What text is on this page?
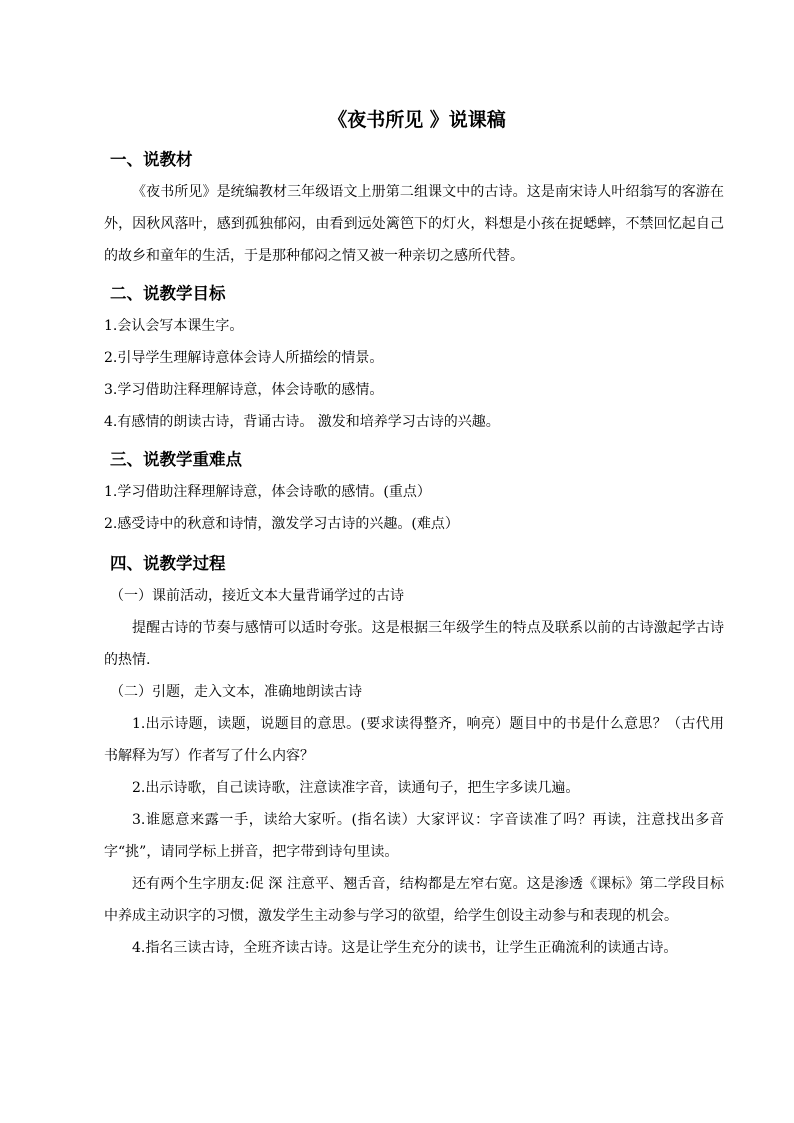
《夜书所见 》说课稿
一、说教材

《夜书所见》是统编教材三年级语文上册第二组课文中的古诗。这是南宋诗人叶绍翁写的客游在外，因秋风落叶，感到孤独郁闷，由看到远处篱笆下的灯火，料想是小孩在捉蟋蟀，不禁回忆起自己的故乡和童年的生活，于是那种郁闷之情又被一种亲切之感所代替。

二、说教学目标

1.会认会写本课生字。

2.引导学生理解诗意体会诗人所描绘的情景。

3.学习借助注释理解诗意，体会诗歌的感情。

4.有感情的朗读古诗，背诵古诗。 激发和培养学习古诗的兴趣。

三、说教学重难点

1.学习借助注释理解诗意，体会诗歌的感情。(重点）

2.感受诗中的秋意和诗情，激发学习古诗的兴趣。(难点）

四、说教学过程

（一）课前活动，接近文本大量背诵学过的古诗

提醒古诗的节奏与感情可以适时夸张。这是根据三年级学生的特点及联系以前的古诗激起学古诗的热情.

（二）引题，走入文本，准确地朗读古诗

1.出示诗题，读题，说题目的意思。(要求读得整齐，响亮）题目中的书是什么意思？（古代用书解释为写）作者写了什么内容？

2.出示诗歌，自己读诗歌，注意读准字音，读通句子，把生字多读几遍。

3.谁愿意来露一手，读给大家听。(指名读）大家评议：字音读准了吗？再读，注意找出多音字“挑”，请同学标上拼音，把字带到诗句里读。

还有两个生字朋友:促 深 注意平、翘舌音，结构都是左窄右宽。这是渗透《课标》第二学段目标中养成主动识字的习惯，激发学生主动参与学习的欲望，给学生创设主动参与和表现的机会。

4.指名三读古诗，全班齐读古诗。这是让学生充分的读书，让学生正确流利的读通古诗。
